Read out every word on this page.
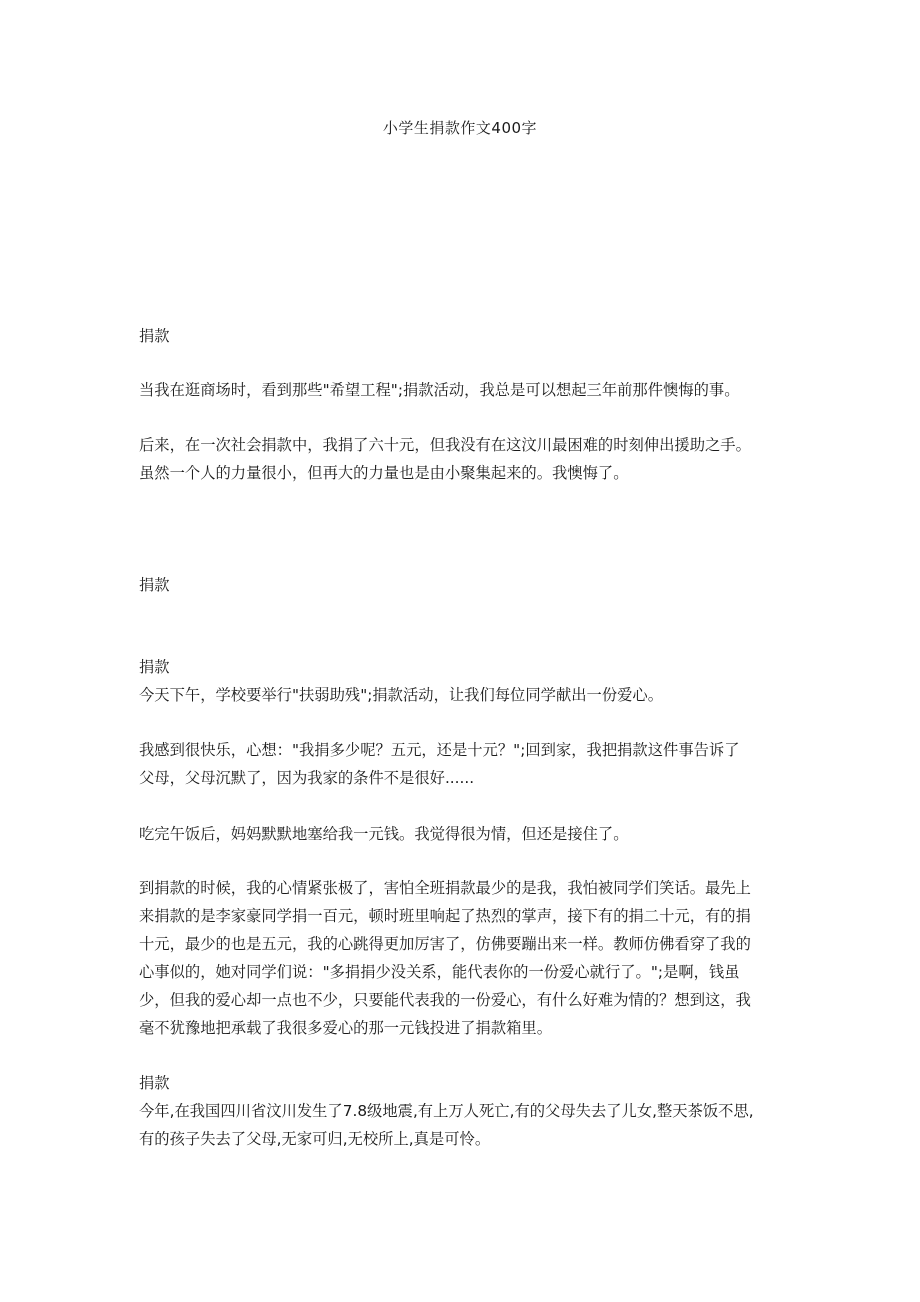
小学生捐款作文400字
捐款
当我在逛商场时，看到那些"希望工程";捐款活动，我总是可以想起三年前那件懊悔的事。
后来，在一次社会捐款中，我捐了六十元，但我没有在这汶川最困难的时刻伸出援助之手。
虽然一个人的力量很小，但再大的力量也是由小聚集起来的。我懊悔了。
捐款
捐款
今天下午，学校要举行"扶弱助残";捐款活动，让我们每位同学献出一份爱心。
我感到很快乐，心想："我捐多少呢？五元，还是十元？";回到家，我把捐款这件事告诉了
父母，父母沉默了，因为我家的条件不是很好......
吃完午饭后，妈妈默默地塞给我一元钱。我觉得很为情，但还是接住了。
到捐款的时候，我的心情紧张极了，害怕全班捐款最少的是我，我怕被同学们笑话。最先上
来捐款的是李家豪同学捐一百元，顿时班里响起了热烈的掌声，接下有的捐二十元，有的捐
十元，最少的也是五元，我的心跳得更加厉害了，仿佛要蹦出来一样。教师仿佛看穿了我的
心事似的，她对同学们说："多捐捐少没关系，能代表你的一份爱心就行了。";是啊，钱虽
少，但我的爱心却一点也不少，只要能代表我的一份爱心，有什么好难为情的？想到这，我
毫不犹豫地把承载了我很多爱心的那一元钱投进了捐款箱里。
捐款
今年,在我国四川省汶川发生了7.8级地震,有上万人死亡,有的父母失去了儿女,整天茶饭不思,
有的孩子失去了父母,无家可归,无校所上,真是可怜。
